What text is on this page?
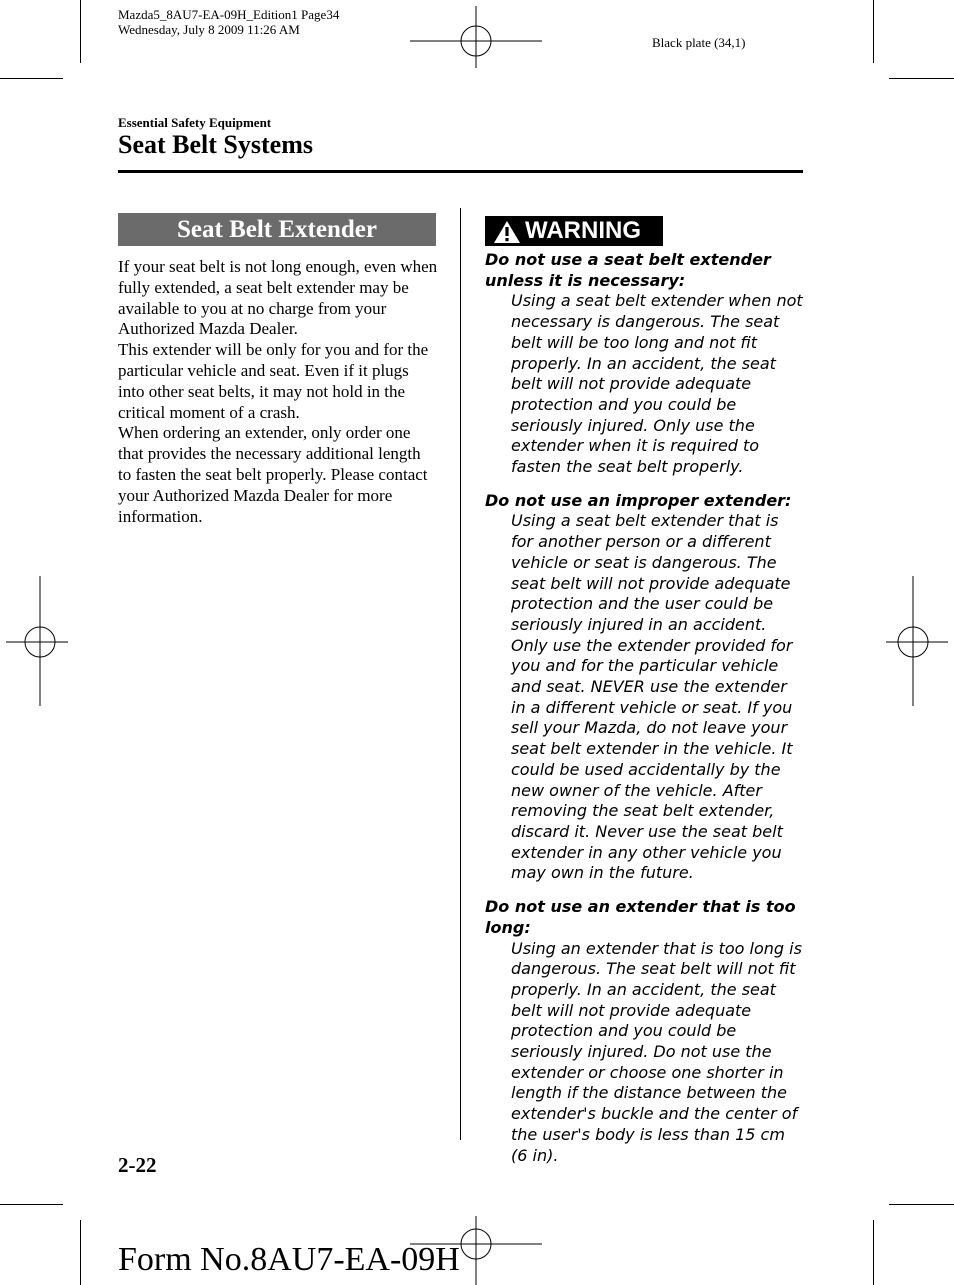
Mazda5_8AU7-EA-09H_Edition1 Page34
Wednesday, July 8 2009 11:26 AM
Black plate (34,1)
Essential Safety Equipment
Seat Belt Systems
Seat Belt Extender

If your seat belt is not long enough, even when fully extended, a seat belt extender may be available to you at no charge from your Authorized Mazda Dealer.

This extender will be only for you and for the particular vehicle and seat. Even if it plugs into other seat belts, it may not hold in the critical moment of a crash.

When ordering an extender, only order one that provides the necessary additional length to fasten the seat belt properly. Please contact your Authorized Mazda Dealer for more information.

WARNING
Do not use a seat belt extender unless it is necessary:
Using a seat belt extender when not necessary is dangerous. The seat belt will be too long and not fit properly. In an accident, the seat belt will not provide adequate protection and you could be seriously injured. Only use the extender when it is required to fasten the seat belt properly.
Do not use an improper extender:
Using a seat belt extender that is for another person or a different vehicle or seat is dangerous. The seat belt will not provide adequate protection and the user could be seriously injured in an accident. Only use the extender provided for you and for the particular vehicle and seat. NEVER use the extender in a different vehicle or seat. If you sell your Mazda, do not leave your seat belt extender in the vehicle. It could be used accidentally by the new owner of the vehicle. After removing the seat belt extender, discard it. Never use the seat belt extender in any other vehicle you may own in the future.
Do not use an extender that is too long:
Using an extender that is too long is dangerous. The seat belt will not fit properly. In an accident, the seat belt will not provide adequate protection and you could be seriously injured. Do not use the extender or choose one shorter in length if the distance between the extender's buckle and the center of the user's body is less than 15 cm (6 in).
2-22
Form No.8AU7-EA-09H
